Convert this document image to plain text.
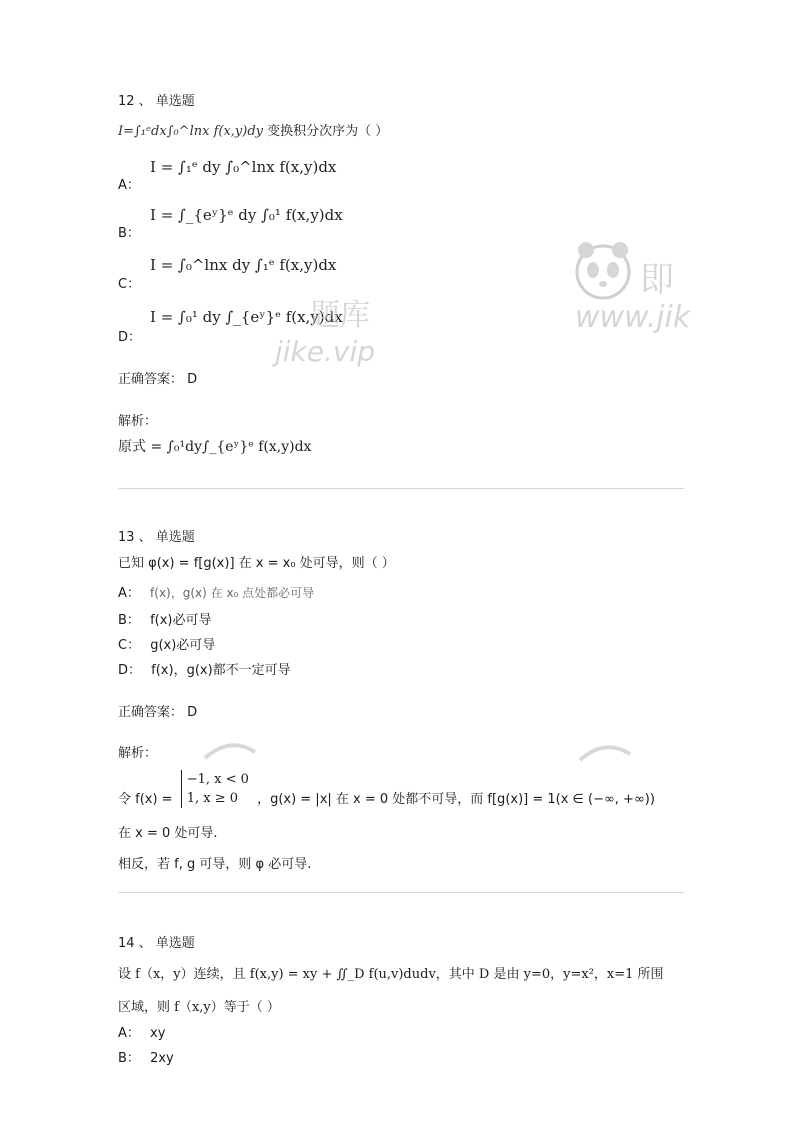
12 、 单选题
I=∫₁ᵉdx∫₀^lnx f(x,y)dy 变换积分次序为（ ）
A：
I = ∫₁ᵉ dy ∫₀^lnx f(x,y)dx
B：
I = ∫_{eʸ}ᵉ dy ∫₀¹ f(x,y)dx
C：
I = ∫₀^lnx dy ∫₁ᵉ f(x,y)dx
D：
I = ∫₀¹ dy ∫_{eʸ}ᵉ f(x,y)dx
正确答案： D
解析：
原式 = ∫₀¹dy∫_{eʸ}ᵉ f(x,y)dx
13 、 单选题
已知 φ(x) = f[g(x)] 在 x = x₀ 处可导，则（ ）
A： f(x)，g(x) 在 x₀ 点处都必可导
B： f(x)必可导
C： g(x)必可导
D： f(x)，g(x)都不一定可导
正确答案： D
解析：
令 f(x) =
−1, x < 0
1, x ≥ 0	，g(x) = |x| 在 x = 0 处都不可导，而 f[g(x)] = 1(x ∈ (−∞, +∞))
在 x = 0 处可导.
相反，若 f, g 可导，则 φ 必可导.
14 、 单选题
设 f（x，y）连续，且 f(x,y) = xy + ∬_D f(u,v)dudv，其中 D 是由 y=0，y=x²，x=1 所围
区域，则 f（x,y）等于（ ）
A： xy
B： 2xy
即
www.jik
题库
jike.vip
